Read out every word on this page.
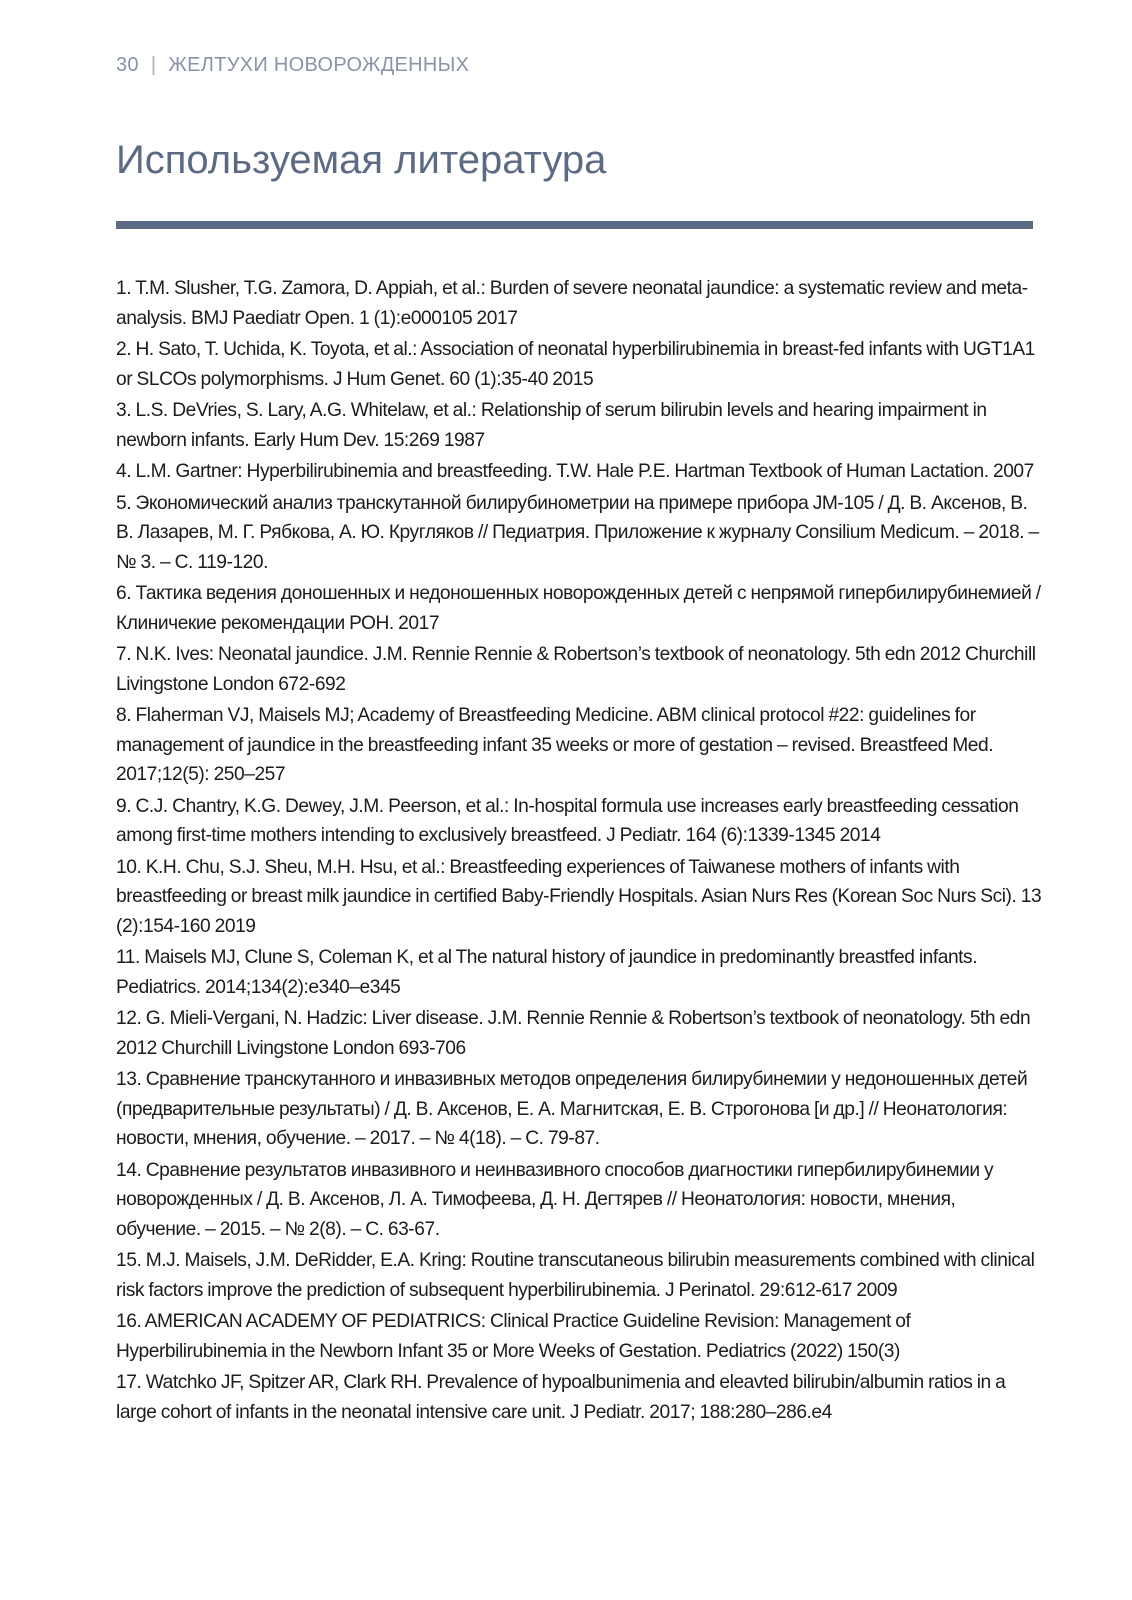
30 | ЖЕЛТУХИ НОВОРОЖДЕННЫХ
Используемая литература
1. T.M. Slusher, T.G. Zamora, D. Appiah, et al.: Burden of severe neonatal jaundice: a systematic review and meta-analysis. BMJ Paediatr Open. 1 (1):e000105 2017
2. H. Sato, T. Uchida, K. Toyota, et al.: Association of neonatal hyperbilirubinemia in breast-fed infants with UGT1A1 or SLCOs polymorphisms. J Hum Genet. 60 (1):35-40 2015
3. L.S. DeVries, S. Lary, A.G. Whitelaw, et al.: Relationship of serum bilirubin levels and hearing impairment in newborn infants. Early Hum Dev. 15:269 1987
4. L.M. Gartner: Hyperbilirubinemia and breastfeeding. T.W. Hale P.E. Hartman Textbook of Human Lactation. 2007
5. Экономический анализ транскутанной билирубинометрии на примере прибора JM-105 / Д. В. Аксенов, В. В. Лазарев, М. Г. Рябкова, А. Ю. Кругляков // Педиатрия. Приложение к журналу Consilium Medicum. – 2018. – № 3. – С. 119-120.
6. Тактика ведения доношенных и недоношенных новорожденных детей с непрямой гипербилирубинемией / Клиничекие рекомендации РОН. 2017
7. N.K. Ives: Neonatal jaundice. J.M. Rennie Rennie & Robertson’s textbook of neonatology. 5th edn 2012 Churchill Livingstone London 672-692
8. Flaherman VJ, Maisels MJ; Academy of Breastfeeding Medicine. ABM clinical protocol #22: guidelines for management of jaundice in the breastfeeding infant 35 weeks or more of gestation – revised. Breastfeed Med. 2017;12(5): 250–257
9. C.J. Chantry, K.G. Dewey, J.M. Peerson, et al.: In-hospital formula use increases early breastfeeding cessation among first-time mothers intending to exclusively breastfeed. J Pediatr. 164 (6):1339-1345 2014
10. K.H. Chu, S.J. Sheu, M.H. Hsu, et al.: Breastfeeding experiences of Taiwanese mothers of infants with breastfeeding or breast milk jaundice in certified Baby-Friendly Hospitals. Asian Nurs Res (Korean Soc Nurs Sci). 13 (2):154-160 2019
11. Maisels MJ, Clune S, Coleman K, et al The natural history of jaundice in predominantly breastfed infants. Pediatrics. 2014;134(2):e340–e345
12. G. Mieli-Vergani, N. Hadzic: Liver disease. J.M. Rennie Rennie & Robertson’s textbook of neonatology. 5th edn 2012 Churchill Livingstone London 693-706
13. Сравнение транскутанного и инвазивных методов определения билирубинемии у недоношенных детей (предварительные результаты) / Д. В. Аксенов, Е. А. Магнитская, Е. В. Строгонова [и др.] // Неонатология: новости, мнения, обучение. – 2017. – № 4(18). – С. 79-87.
14. Сравнение результатов инвазивного и неинвазивного способов диагностики гипербилирубинемии у новорожденных / Д. В. Аксенов, Л. А. Тимофеева, Д. Н. Дегтярев // Неонатология: новости, мнения, обучение. – 2015. – № 2(8). – С. 63-67.
15. M.J. Maisels, J.M. DeRidder, E.A. Kring: Routine transcutaneous bilirubin measurements combined with clinical risk factors improve the prediction of subsequent hyperbilirubinemia. J Perinatol. 29:612-617 2009
16. AMERICAN ACADEMY OF PEDIATRICS: Clinical Practice Guideline Revision: Management of Hyperbilirubinemia in the Newborn Infant 35 or More Weeks of Gestation. Pediatrics (2022) 150(3)
17. Watchko JF, Spitzer AR, Clark RH. Prevalence of hypoalbunimenia and eleavted bilirubin/albumin ratios in a large cohort of infants in the neonatal intensive care unit. J Pediatr. 2017; 188:280–286.e4
